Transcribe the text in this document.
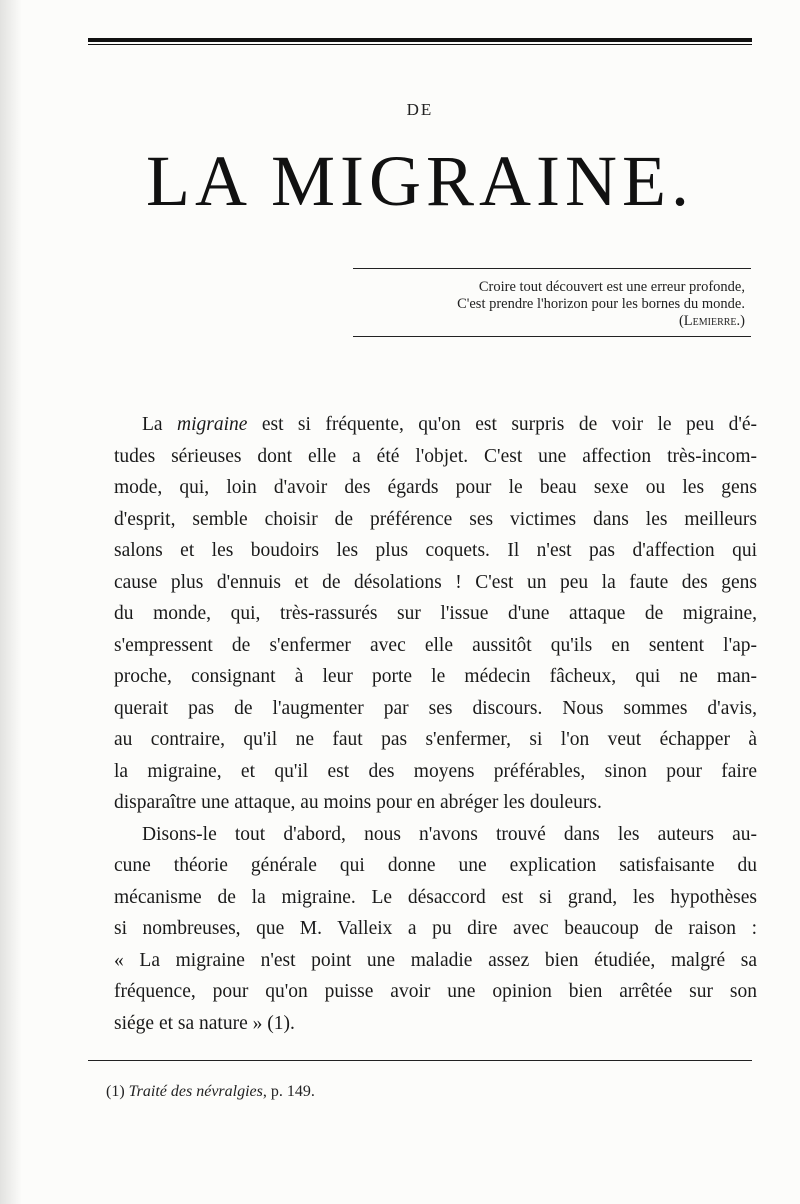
DE
LA MIGRAINE.
Croire tout découvert est une erreur profonde,
C'est prendre l'horizon pour les bornes du monde.
(Lemierre.)
La migraine est si fréquente, qu'on est surpris de voir le peu d'é-
tudes sérieuses dont elle a été l'objet. C'est une affection très-incom-
mode, qui, loin d'avoir des égards pour le beau sexe ou les gens
d'esprit, semble choisir de préférence ses victimes dans les meilleurs
salons et les boudoirs les plus coquets. Il n'est pas d'affection qui
cause plus d'ennuis et de désolations ! C'est un peu la faute des gens
du monde, qui, très-rassurés sur l'issue d'une attaque de migraine,
s'empressent de s'enfermer avec elle aussitôt qu'ils en sentent l'ap-
proche, consignant à leur porte le médecin fâcheux, qui ne man-
querait pas de l'augmenter par ses discours. Nous sommes d'avis,
au contraire, qu'il ne faut pas s'enfermer, si l'on veut échapper à
la migraine, et qu'il est des moyens préférables, sinon pour faire
disparaître une attaque, au moins pour en abréger les douleurs.
Disons-le tout d'abord, nous n'avons trouvé dans les auteurs au-
cune théorie générale qui donne une explication satisfaisante du
mécanisme de la migraine. Le désaccord est si grand, les hypothèses
si nombreuses, que M. Valleix a pu dire avec beaucoup de raison :
« La migraine n'est point une maladie assez bien étudiée, malgré sa
fréquence, pour qu'on puisse avoir une opinion bien arrêtée sur son
siége et sa nature » (1).
(1) Traité des névralgies, p. 149.
